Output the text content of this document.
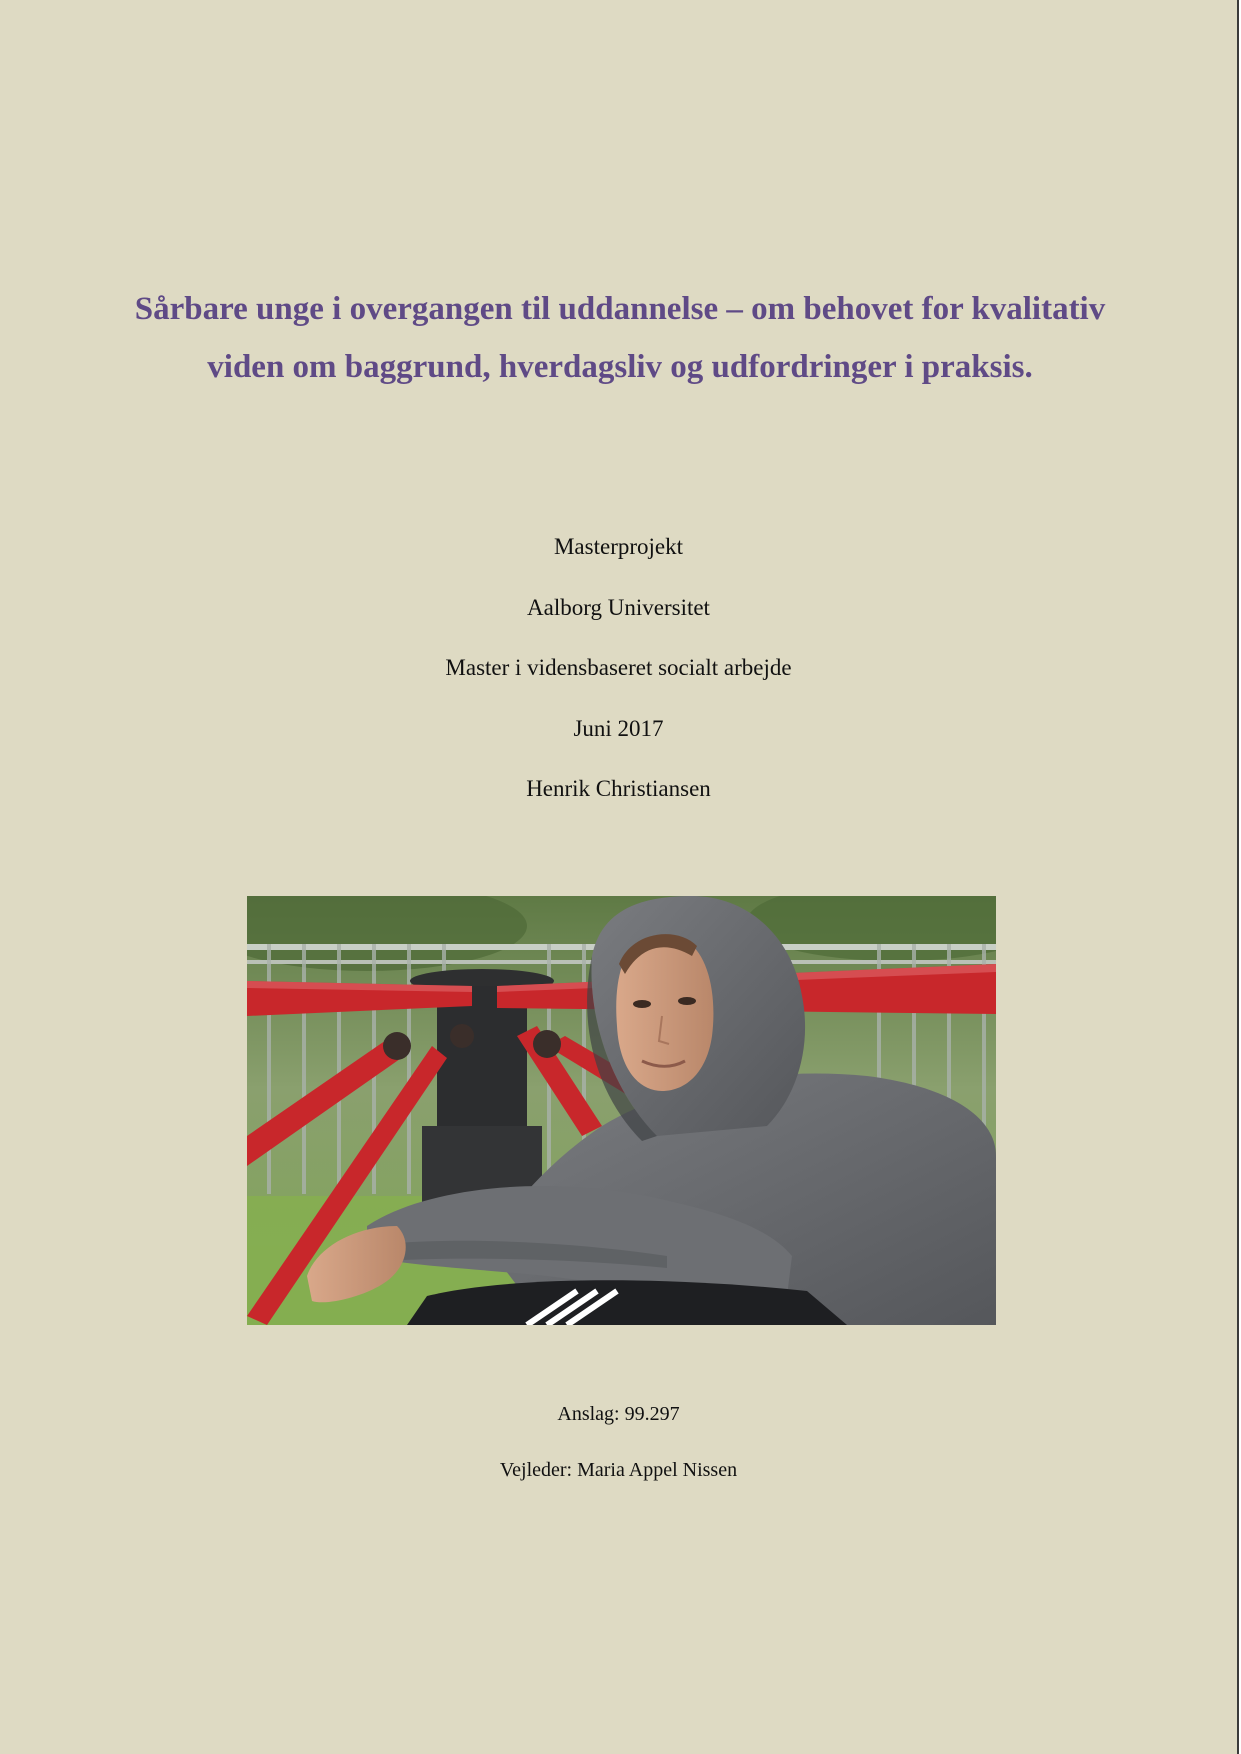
Sårbare unge i overgangen til uddannelse – om behovet for kvalitativ
viden om baggrund, hverdagsliv og udfordringer i praksis.
Masterprojekt
Aalborg Universitet
Master i vidensbaseret socialt arbejde
Juni 2017
Henrik Christiansen
Anslag: 99.297
Vejleder: Maria Appel Nissen
